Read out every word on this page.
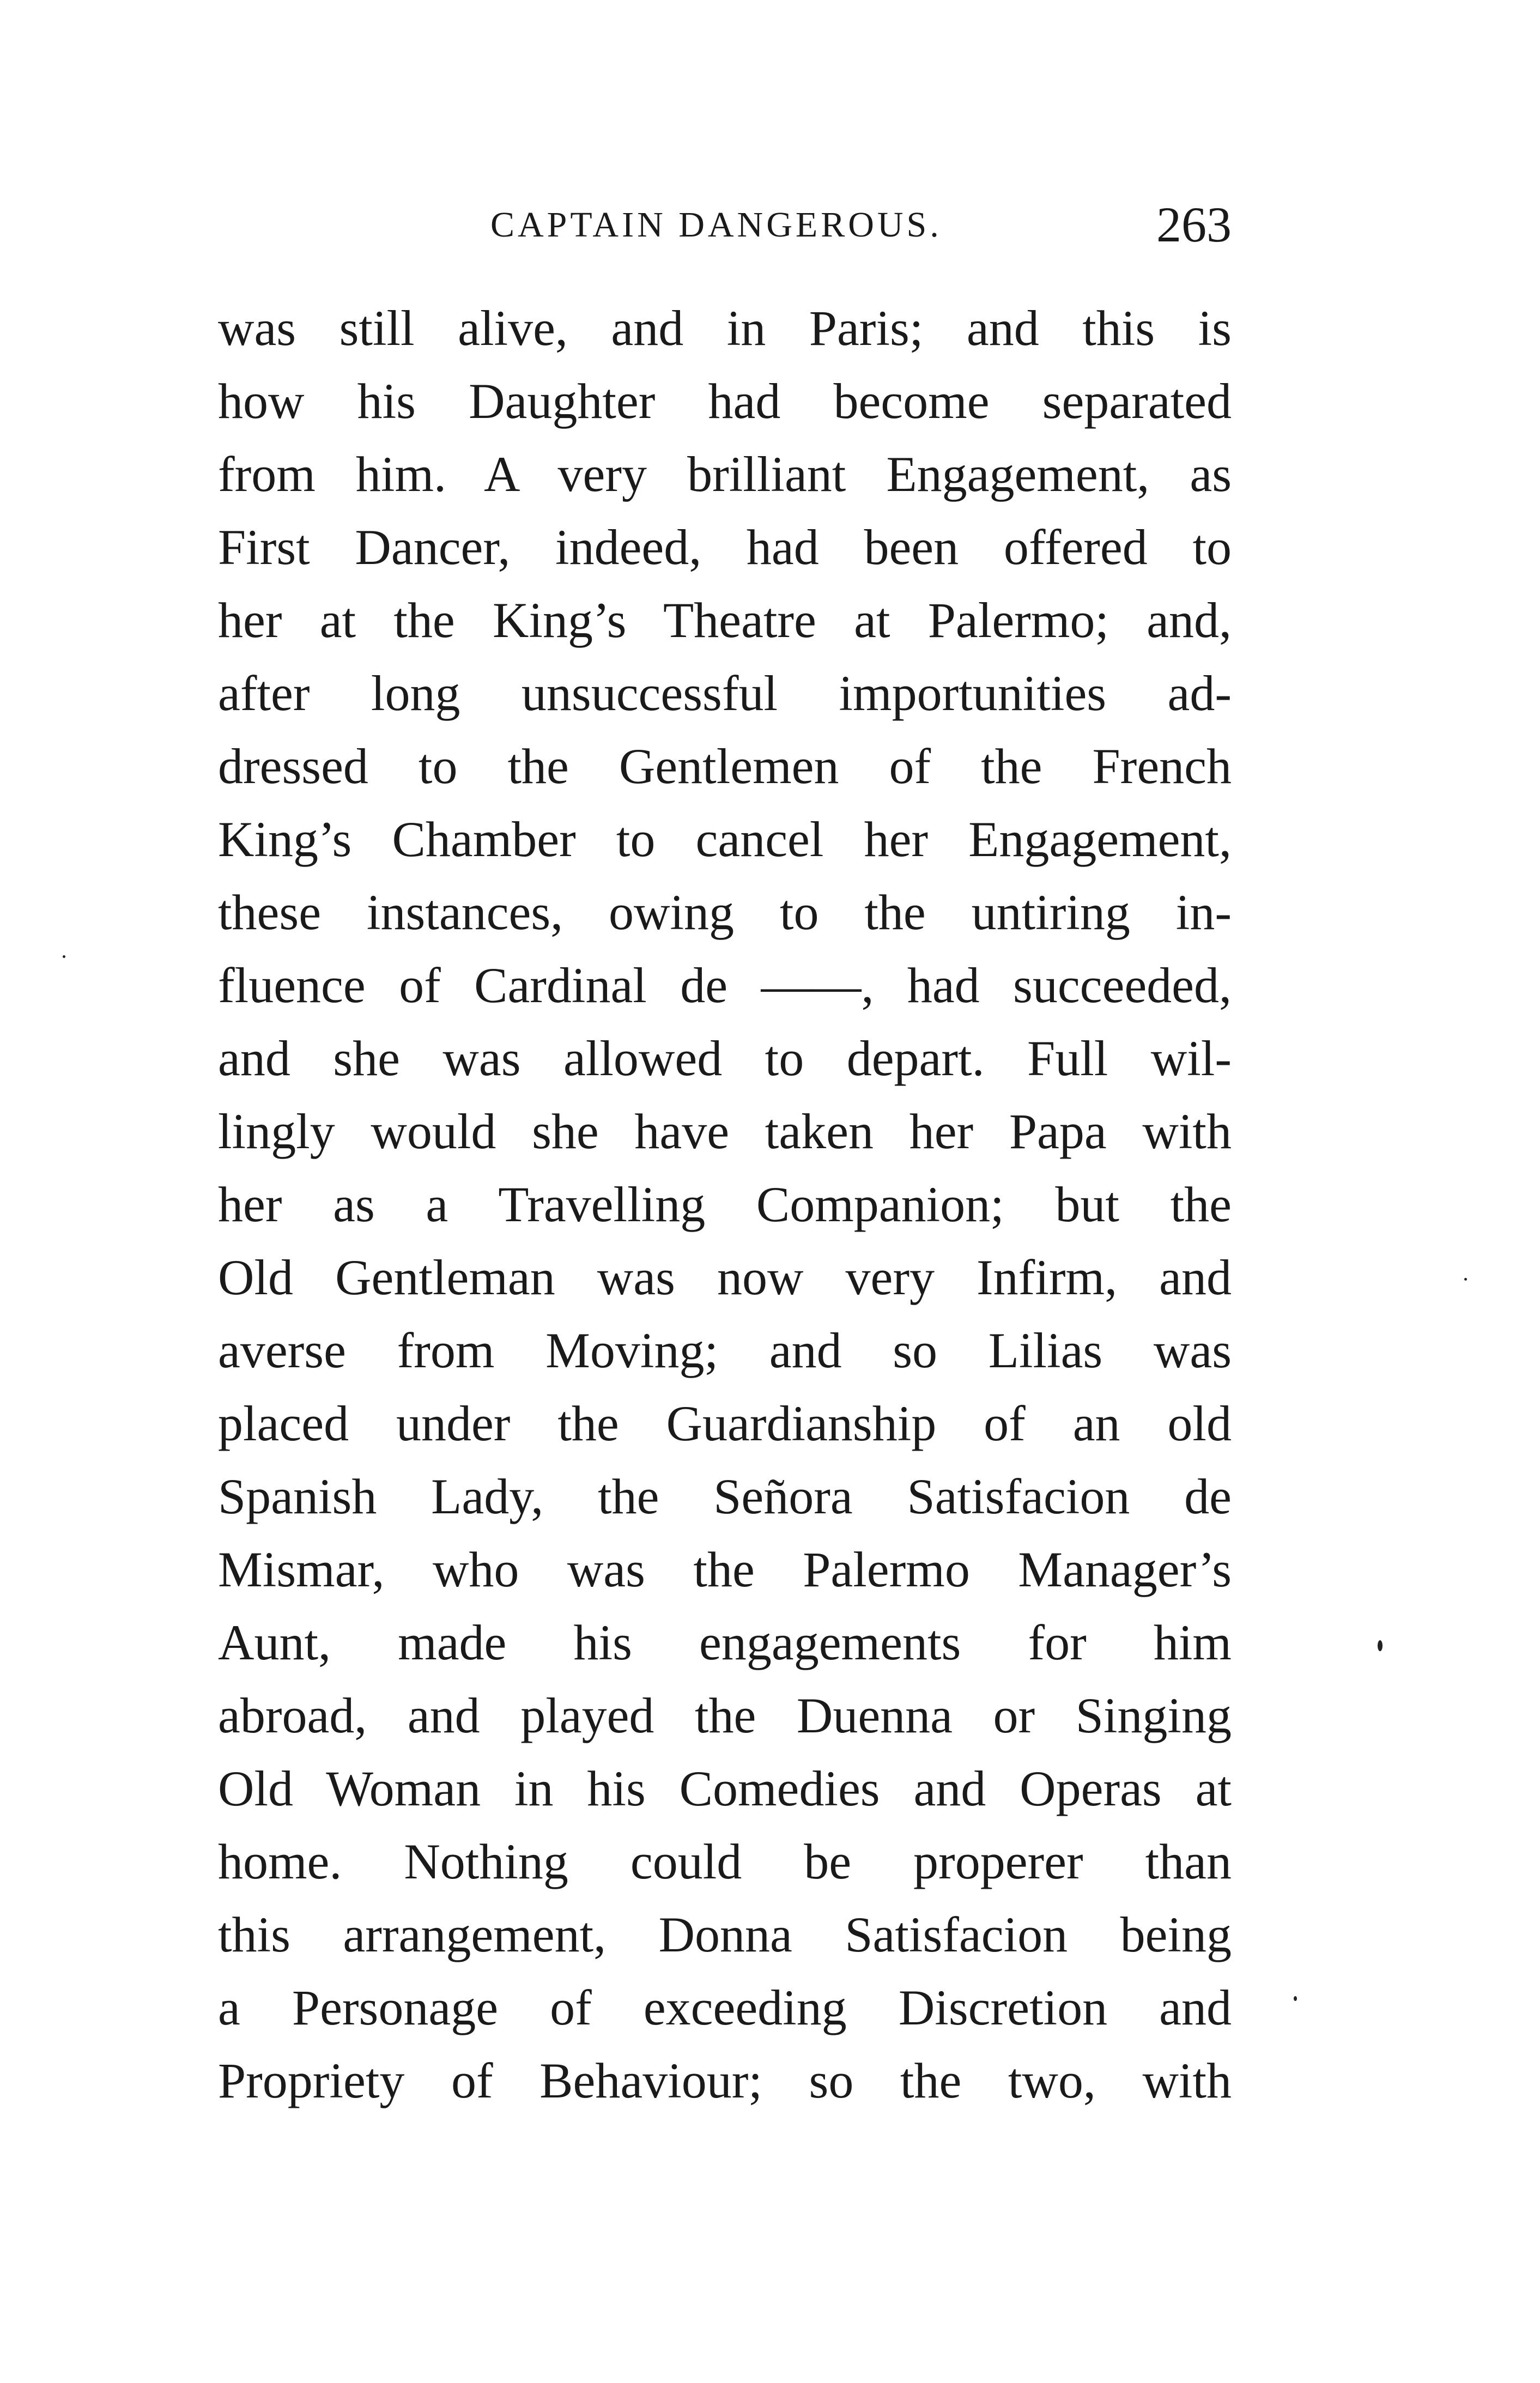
CAPTAIN DANGEROUS.	263
was still alive, and in Paris; and this is
how his Daughter had become separated
from him. A very brilliant Engagement, as
First Dancer, indeed, had been offered to
her at the King’s Theatre at Palermo; and,
after long unsuccessful importunities ad-
dressed to the Gentlemen of the French
King’s Chamber to cancel her Engagement,
these instances, owing to the untiring in-
fluence of Cardinal de ——, had succeeded,
and she was allowed to depart. Full wil-
lingly would she have taken her Papa with
her as a Travelling Companion; but the
Old Gentleman was now very Infirm, and
averse from Moving; and so Lilias was
placed under the Guardianship of an old
Spanish Lady, the Señora Satisfacion de
Mismar, who was the Palermo Manager’s
Aunt, made his engagements for him
abroad, and played the Duenna or Singing
Old Woman in his Comedies and Operas at
home. Nothing could be properer than
this arrangement, Donna Satisfacion being
a Personage of exceeding Discretion and
Propriety of Behaviour; so the two, with
